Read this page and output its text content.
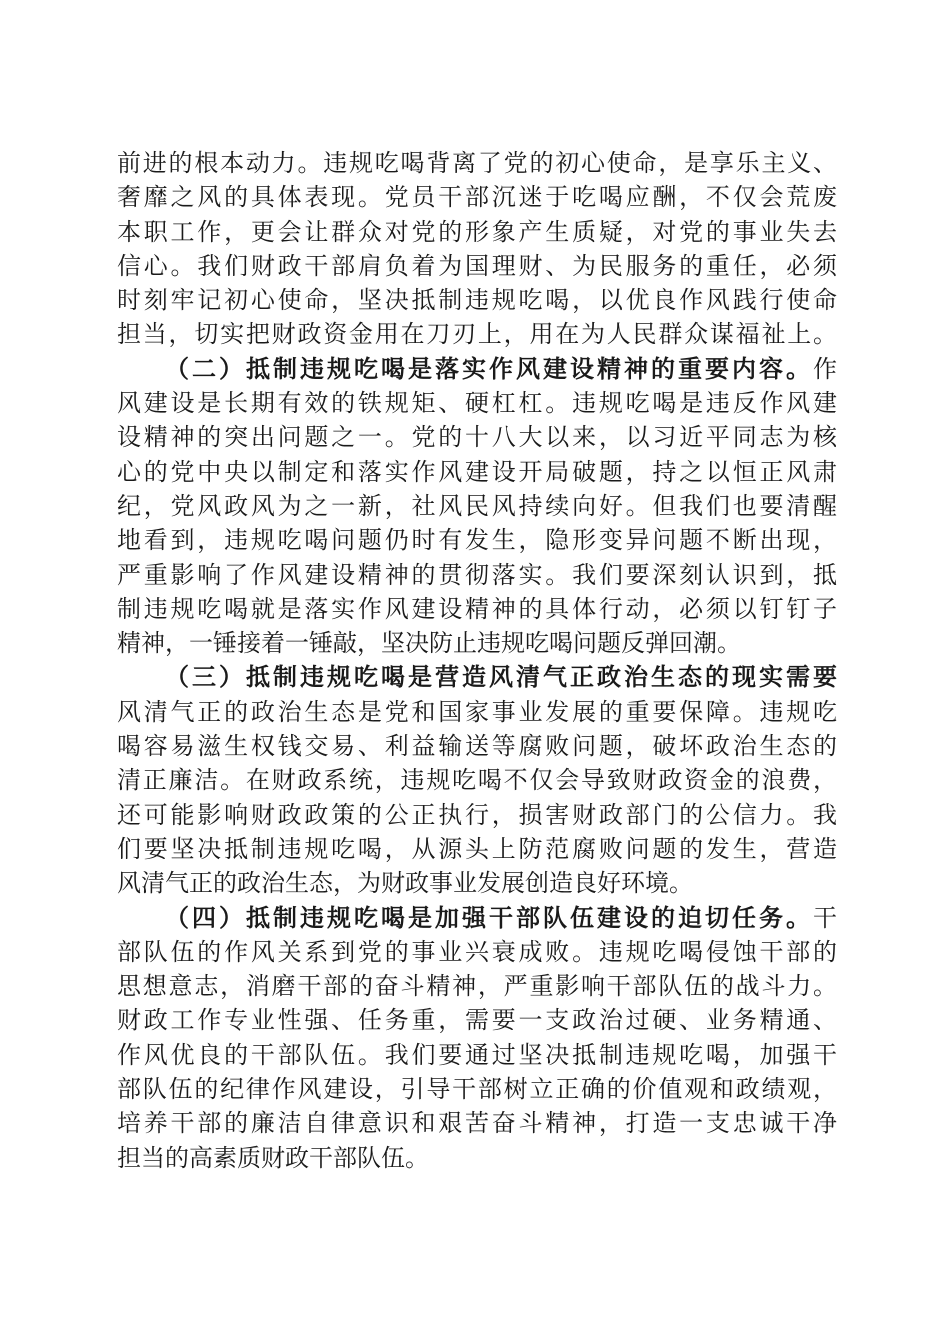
前进的根本动力。违规吃喝背离了党的初心使命，是享乐主义、
奢靡之风的具体表现。党员干部沉迷于吃喝应酬，不仅会荒废
本职工作，更会让群众对党的形象产生质疑，对党的事业失去
信心。我们财政干部肩负着为国理财、为民服务的重任，必须
时刻牢记初心使命，坚决抵制违规吃喝，以优良作风践行使命
担当，切实把财政资金用在刀刃上，用在为人民群众谋福祉上。
（二）抵制违规吃喝是落实作风建设精神的重要内容。作
风建设是长期有效的铁规矩、硬杠杠。违规吃喝是违反作风建
设精神的突出问题之一。党的十八大以来，以习近平同志为核
心的党中央以制定和落实作风建设开局破题，持之以恒正风肃
纪，党风政风为之一新，社风民风持续向好。但我们也要清醒
地看到，违规吃喝问题仍时有发生，隐形变异问题不断出现，
严重影响了作风建设精神的贯彻落实。我们要深刻认识到，抵
制违规吃喝就是落实作风建设精神的具体行动，必须以钉钉子
精神，一锤接着一锤敲，坚决防止违规吃喝问题反弹回潮。
（三）抵制违规吃喝是营造风清气正政治生态的现实需要
风清气正的政治生态是党和国家事业发展的重要保障。违规吃
喝容易滋生权钱交易、利益输送等腐败问题，破坏政治生态的
清正廉洁。在财政系统，违规吃喝不仅会导致财政资金的浪费，
还可能影响财政政策的公正执行，损害财政部门的公信力。我
们要坚决抵制违规吃喝，从源头上防范腐败问题的发生，营造
风清气正的政治生态，为财政事业发展创造良好环境。
（四）抵制违规吃喝是加强干部队伍建设的迫切任务。干
部队伍的作风关系到党的事业兴衰成败。违规吃喝侵蚀干部的
思想意志，消磨干部的奋斗精神，严重影响干部队伍的战斗力。
财政工作专业性强、任务重，需要一支政治过硬、业务精通、
作风优良的干部队伍。我们要通过坚决抵制违规吃喝，加强干
部队伍的纪律作风建设，引导干部树立正确的价值观和政绩观，
培养干部的廉洁自律意识和艰苦奋斗精神，打造一支忠诚干净
担当的高素质财政干部队伍。
